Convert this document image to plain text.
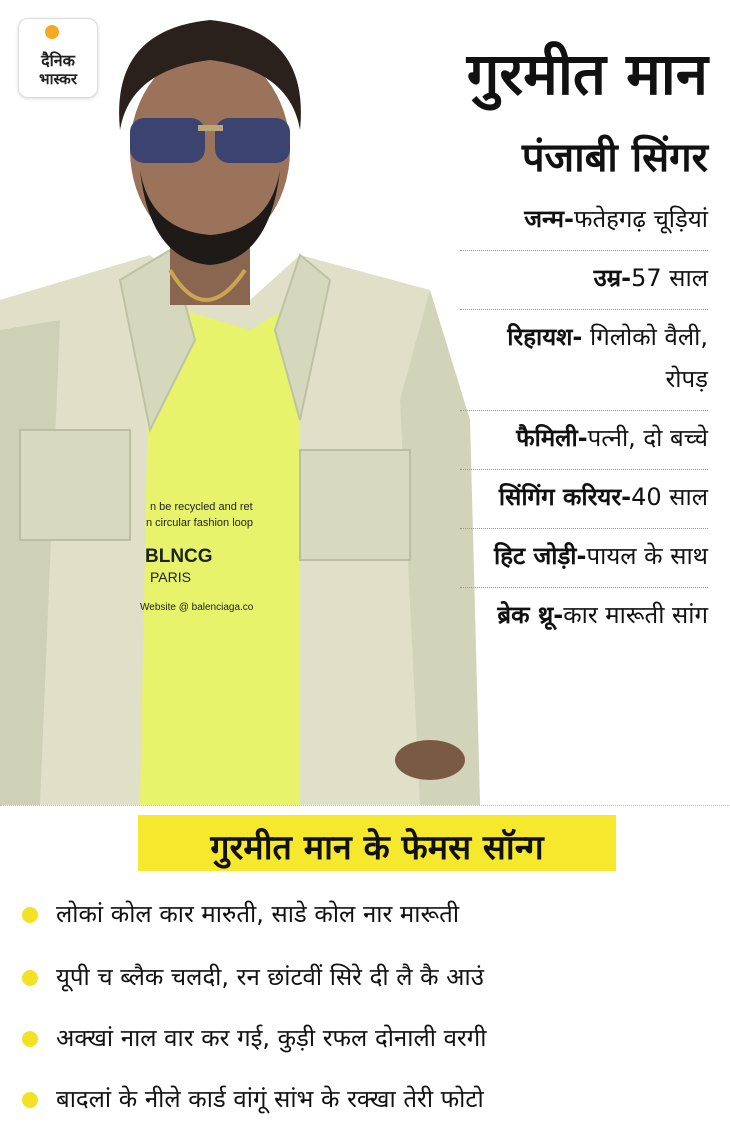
n be recycled and ret
n circular fashion loop
BLNCG
PARIS
Website @ balenciaga.co
दैनिक
भास्कर	गुरमीत मान
पंजाबी सिंगर
जन्म-फतेहगढ़ चूड़ियां
उम्र-57 साल
रिहायश- गिलोको वैली, रोपड़
फैमिली-पत्नी, दो बच्चे
सिंगिंग करियर-40 साल
हिट जोड़ी-पायल के साथ
ब्रेक थ्रू-कार मारूती सांग
गुरमीत मान के फेमस सॉन्ग
लोकां कोल कार मारुती, साडे कोल नार मारूती
यूपी च ब्लैक चलदी, रन छांटवीं सिरे दी लै कै आउं
अक्खां नाल वार कर गई, कुड़ी रफल दोनाली वरगी
बादलां के नीले कार्ड वांगूं सांभ के रक्खा तेरी फोटो
